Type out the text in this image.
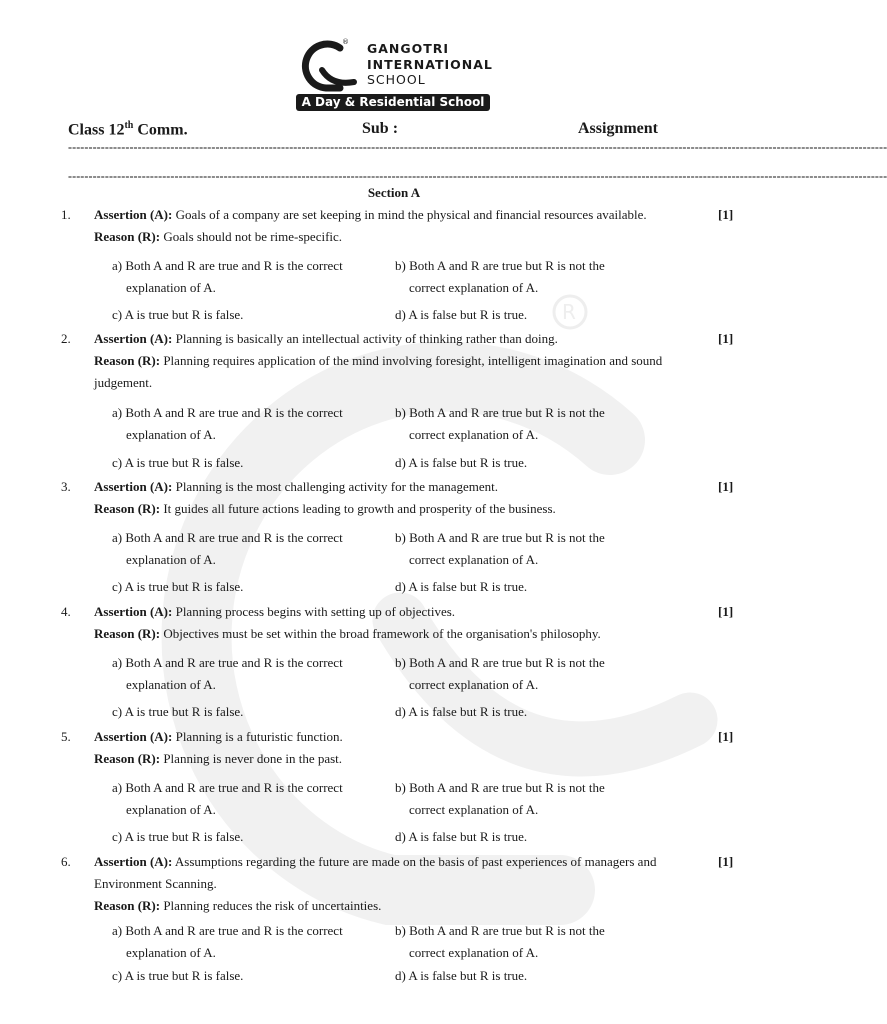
R
® GANGOTRI
INTERNATIONAL
SCHOOL
A Day & Residential School
Class 12th Comm.	Sub :	Assignment
--------------------------------------------------------------------------------------------------------------------------------------------------------------------------------------------------------
--------------------------------------------------------------------------------------------------------------------------------------------------------------------------------------------------------
Section A
1. Assertion (A): Goals of a company are set keeping in mind the physical and financial resources available.	[1]
Reason (R): Goals should not be rime-specific.
a) Both A and R are true and R is the correct	b) Both A and R are true but R is not the
explanation of A.	correct explanation of A.
c) A is true but R is false.	d) A is false but R is true.
2. Assertion (A): Planning is basically an intellectual activity of thinking rather than doing.	[1]
Reason (R): Planning requires application of the mind involving foresight, intelligent imagination and sound
judgement.
a) Both A and R are true and R is the correct	b) Both A and R are true but R is not the
explanation of A.	correct explanation of A.
c) A is true but R is false.	d) A is false but R is true.
3. Assertion (A): Planning is the most challenging activity for the management.	[1]
Reason (R): It guides all future actions leading to growth and prosperity of the business.
a) Both A and R are true and R is the correct	b) Both A and R are true but R is not the
explanation of A.	correct explanation of A.
c) A is true but R is false.	d) A is false but R is true.
4. Assertion (A): Planning process begins with setting up of objectives.	[1]
Reason (R): Objectives must be set within the broad framework of the organisation's philosophy.
a) Both A and R are true and R is the correct	b) Both A and R are true but R is not the
explanation of A.	correct explanation of A.
c) A is true but R is false.	d) A is false but R is true.
5. Assertion (A): Planning is a futuristic function.	[1]
Reason (R): Planning is never done in the past.
a) Both A and R are true and R is the correct	b) Both A and R are true but R is not the
explanation of A.	correct explanation of A.
c) A is true but R is false.	d) A is false but R is true.
6. Assertion (A): Assumptions regarding the future are made on the basis of past experiences of managers and	[1]
Environment Scanning.
Reason (R): Planning reduces the risk of uncertainties.
a) Both A and R are true and R is the correct	b) Both A and R are true but R is not the
explanation of A.	correct explanation of A.
c) A is true but R is false.	d) A is false but R is true.
